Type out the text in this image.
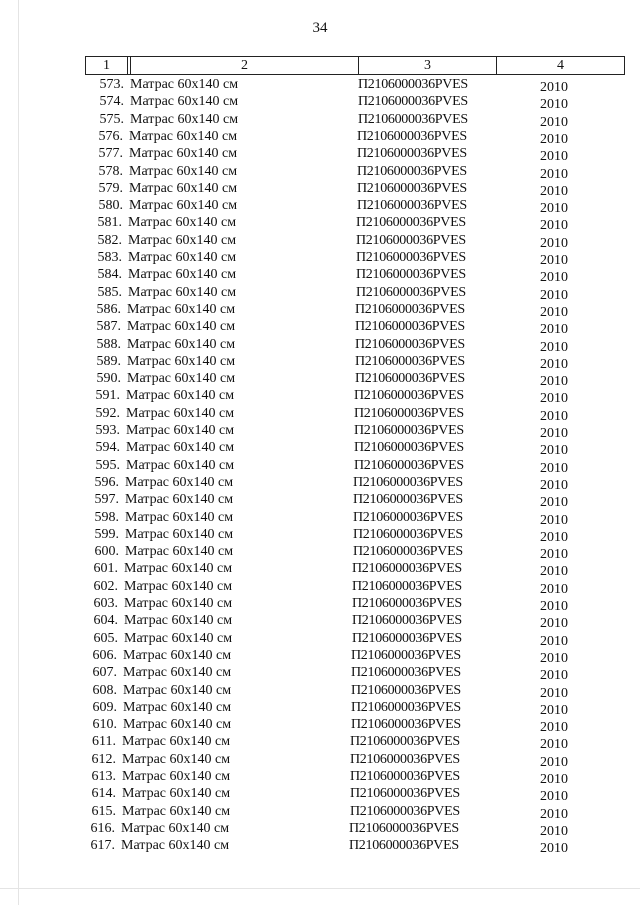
34
1	2	3	4
573. Матрас 60х140 см	П2106000036PVES	2010
574. Матрас 60х140 см	П2106000036PVES	2010
575. Матрас 60х140 см	П2106000036PVES	2010
576. Матрас 60х140 см	П2106000036PVES	2010
577. Матрас 60х140 см	П2106000036PVES	2010
578. Матрас 60х140 см	П2106000036PVES	2010
579. Матрас 60х140 см	П2106000036PVES	2010
580. Матрас 60х140 см	П2106000036PVES	2010
581. Матрас 60х140 см	П2106000036PVES	2010
582. Матрас 60х140 см	П2106000036PVES	2010
583. Матрас 60х140 см	П2106000036PVES	2010
584. Матрас 60х140 см	П2106000036PVES	2010
585. Матрас 60х140 см	П2106000036PVES	2010
586. Матрас 60х140 см	П2106000036PVES	2010
587. Матрас 60х140 см	П2106000036PVES	2010
588. Матрас 60х140 см	П2106000036PVES	2010
589. Матрас 60х140 см	П2106000036PVES	2010
590. Матрас 60х140 см	П2106000036PVES	2010
591. Матрас 60х140 см	П2106000036PVES	2010
592. Матрас 60х140 см	П2106000036PVES	2010
593. Матрас 60х140 см	П2106000036PVES	2010
594. Матрас 60х140 см	П2106000036PVES	2010
595. Матрас 60х140 см	П2106000036PVES	2010
596. Матрас 60х140 см	П2106000036PVES	2010
597. Матрас 60х140 см	П2106000036PVES	2010
598. Матрас 60х140 см	П2106000036PVES	2010
599. Матрас 60х140 см	П2106000036PVES	2010
600. Матрас 60х140 см	П2106000036PVES	2010
601. Матрас 60х140 см	П2106000036PVES	2010
602. Матрас 60х140 см	П2106000036PVES	2010
603. Матрас 60х140 см	П2106000036PVES	2010
604. Матрас 60х140 см	П2106000036PVES	2010
605. Матрас 60х140 см	П2106000036PVES	2010
606. Матрас 60х140 см	П2106000036PVES	2010
607. Матрас 60х140 см	П2106000036PVES	2010
608. Матрас 60х140 см	П2106000036PVES	2010
609. Матрас 60х140 см	П2106000036PVES	2010
610. Матрас 60х140 см	П2106000036PVES	2010
611. Матрас 60х140 см	П2106000036PVES	2010
612. Матрас 60х140 см	П2106000036PVES	2010
613. Матрас 60х140 см	П2106000036PVES	2010
614. Матрас 60х140 см	П2106000036PVES	2010
615. Матрас 60х140 см	П2106000036PVES	2010
616. Матрас 60х140 см	П2106000036PVES	2010
617. Матрас 60х140 см	П2106000036PVES	2010
